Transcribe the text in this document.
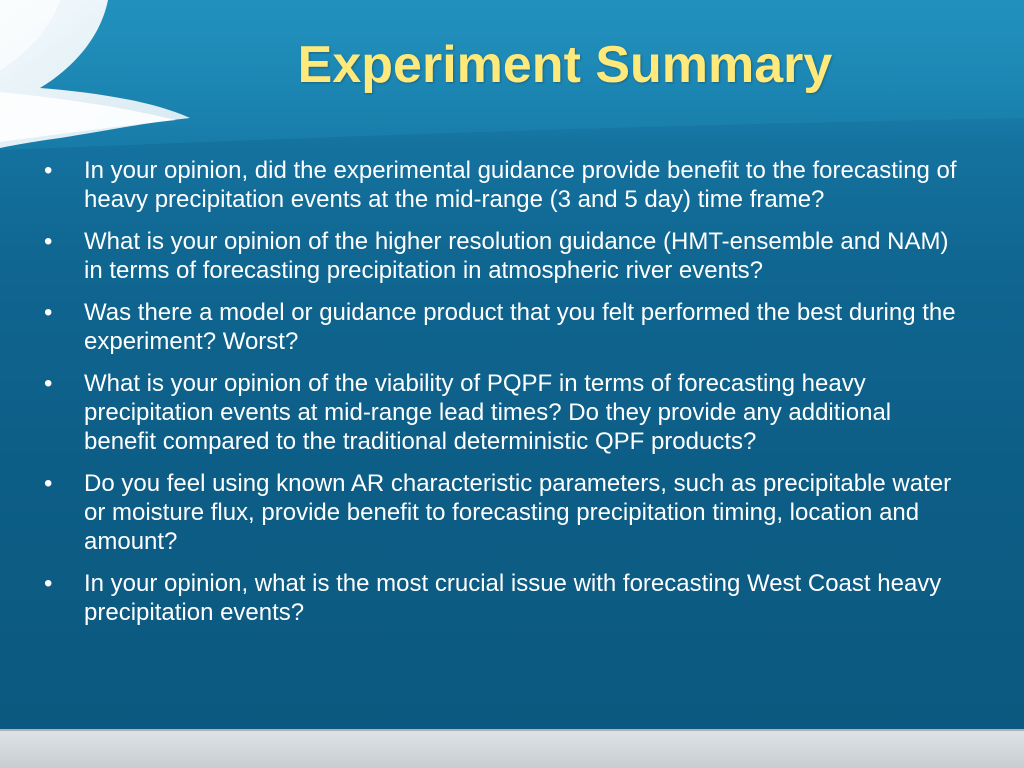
Experiment Summary
•	In your opinion, did the experimental guidance provide benefit to the forecasting of heavy precipitation events at the mid-range (3 and 5 day) time frame?
•	What is your opinion of the higher resolution guidance (HMT-ensemble and NAM) in terms of forecasting precipitation in atmospheric river events?
•	Was there a model or guidance product that you felt performed the best during the experiment? Worst?
•	What is your opinion of the viability of PQPF in terms of forecasting heavy precipitation events at mid-range lead times? Do they provide any additional benefit compared to the traditional deterministic QPF products?
•	Do you feel using known AR characteristic parameters, such as precipitable water or moisture flux, provide benefit to forecasting precipitation timing, location and amount?
•	In your opinion, what is the most crucial issue with forecasting West Coast heavy precipitation events?
